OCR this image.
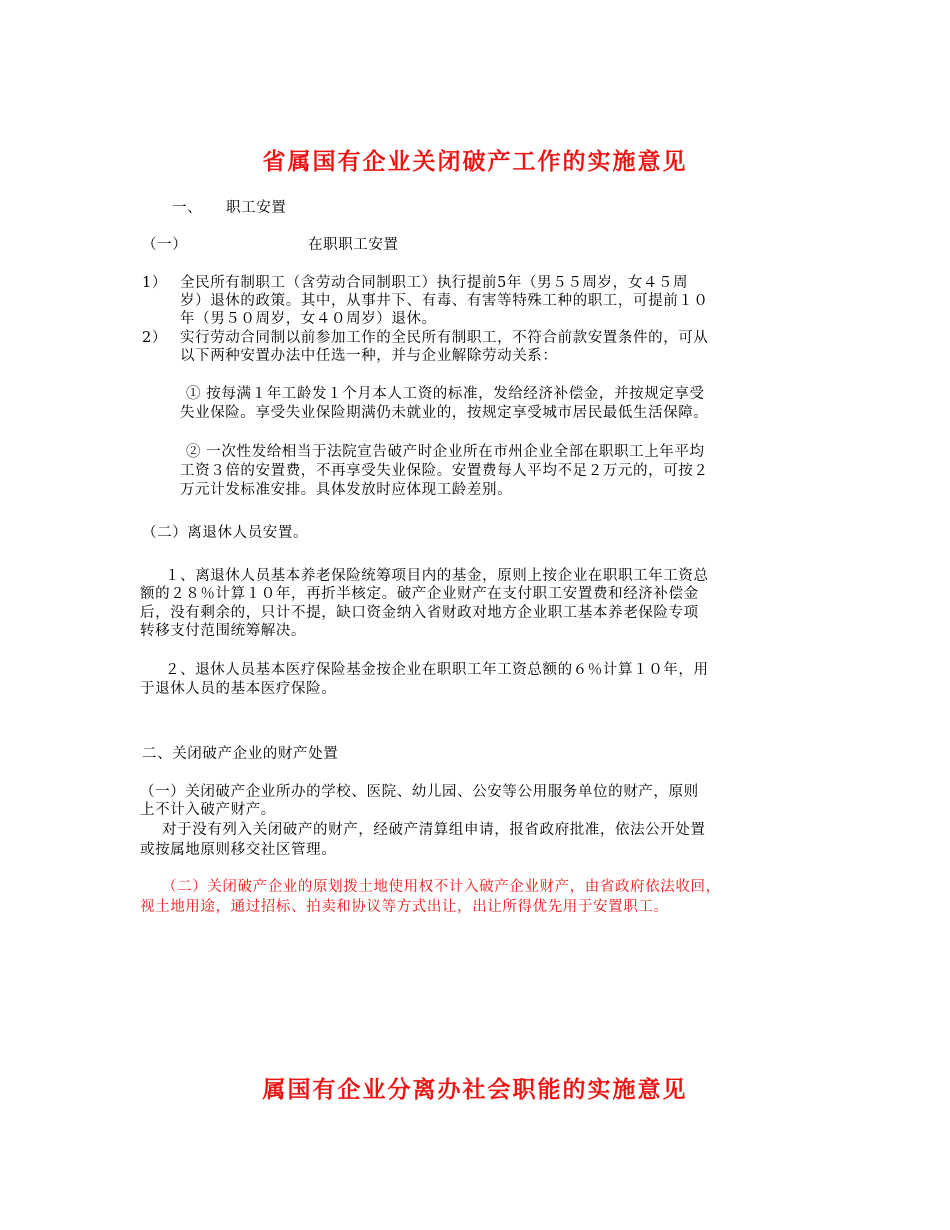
省属国有企业关闭破产工作的实施意见
一、 职工安置
（一）	在职职工安置
1） 全民所有制职工（含劳动合同制职工）执行提前5年（男５５周岁，女４５周
岁）退休的政策。其中，从事井下、有毒、有害等特殊工种的职工，可提前１０
年（男５０周岁，女４０周岁）退休。
2） 实行劳动合同制以前参加工作的全民所有制职工，不符合前款安置条件的，可从
以下两种安置办法中任选一种，并与企业解除劳动关系：
① 按每满１年工龄发１个月本人工资的标准，发给经济补偿金，并按规定享受
失业保险。享受失业保险期满仍未就业的，按规定享受城市居民最低生活保障。
② 一次性发给相当于法院宣告破产时企业所在市州企业全部在职职工上年平均
工资３倍的安置费，不再享受失业保险。安置费每人平均不足２万元的，可按２
万元计发标准安排。具体发放时应体现工龄差别。
（二）离退休人员安置。
１、离退休人员基本养老保险统筹项目内的基金，原则上按企业在职职工年工资总
额的２８％计算１０年，再折半核定。破产企业财产在支付职工安置费和经济补偿金
后，没有剩余的，只计不提，缺口资金纳入省财政对地方企业职工基本养老保险专项
转移支付范围统筹解决。
２、退休人员基本医疗保险基金按企业在职职工年工资总额的６％计算１０年，用
于退休人员的基本医疗保险。
二、关闭破产企业的财产处置
（一）关闭破产企业所办的学校、医院、幼儿园、公安等公用服务单位的财产，原则
上不计入破产财产。
对于没有列入关闭破产的财产，经破产清算组申请，报省政府批准，依法公开处置
或按属地原则移交社区管理。
（二）关闭破产企业的原划拨土地使用权不计入破产企业财产，由省政府依法收回，
视土地用途，通过招标、拍卖和协议等方式出让，出让所得优先用于安置职工。
属国有企业分离办社会职能的实施意见
